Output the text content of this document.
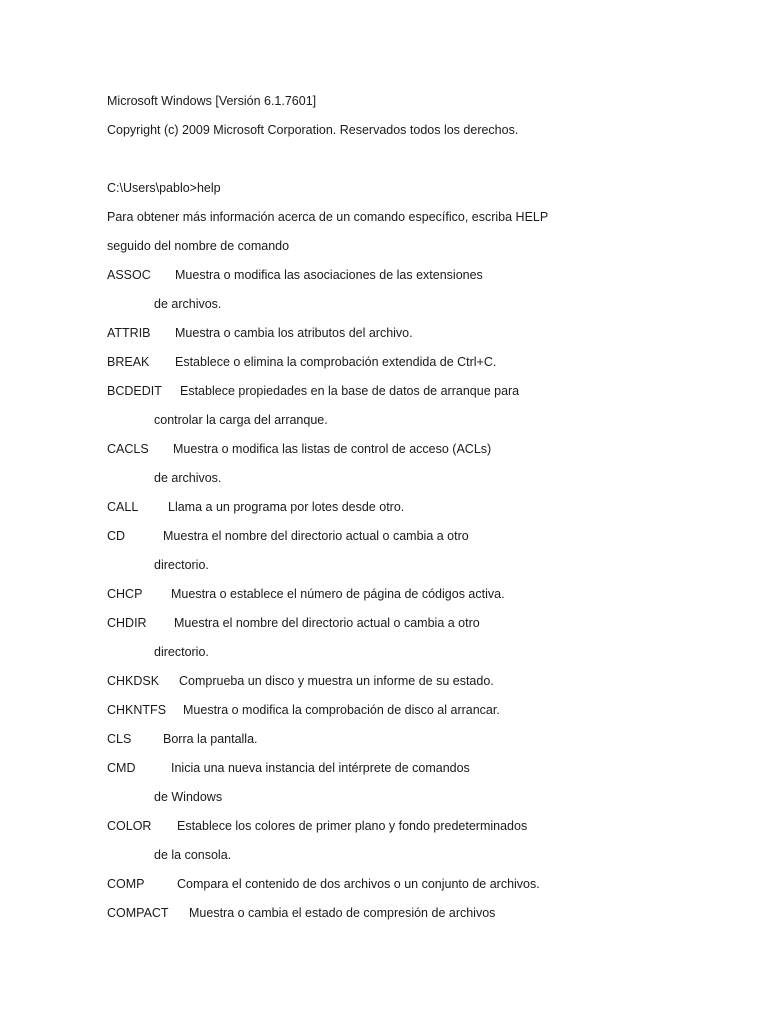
Microsoft Windows [Versión 6.1.7601]
Copyright (c) 2009 Microsoft Corporation. Reservados todos los derechos.
C:\Users\pablo>help
Para obtener más información acerca de un comando específico, escriba HELP
seguido del nombre de comando
ASSOC Muestra o modifica las asociaciones de las extensiones
de archivos.
ATTRIB Muestra o cambia los atributos del archivo.
BREAK Establece o elimina la comprobación extendida de Ctrl+C.
BCDEDIT Establece propiedades en la base de datos de arranque para
controlar la carga del arranque.
CACLS Muestra o modifica las listas de control de acceso (ACLs)
de archivos.
CALL Llama a un programa por lotes desde otro.
CD	Muestra el nombre del directorio actual o cambia a otro
directorio.
CHCP Muestra o establece el número de página de códigos activa.
CHDIR Muestra el nombre del directorio actual o cambia a otro
directorio.
CHKDSK Comprueba un disco y muestra un informe de su estado.
CHKNTFS Muestra o modifica la comprobación de disco al arrancar.
CLS	Borra la pantalla.
CMD	Inicia una nueva instancia del intérprete de comandos
de Windows
COLOR Establece los colores de primer plano y fondo predeterminados
de la consola.
COMP	Compara el contenido de dos archivos o un conjunto de archivos.
COMPACT Muestra o cambia el estado de compresión de archivos
